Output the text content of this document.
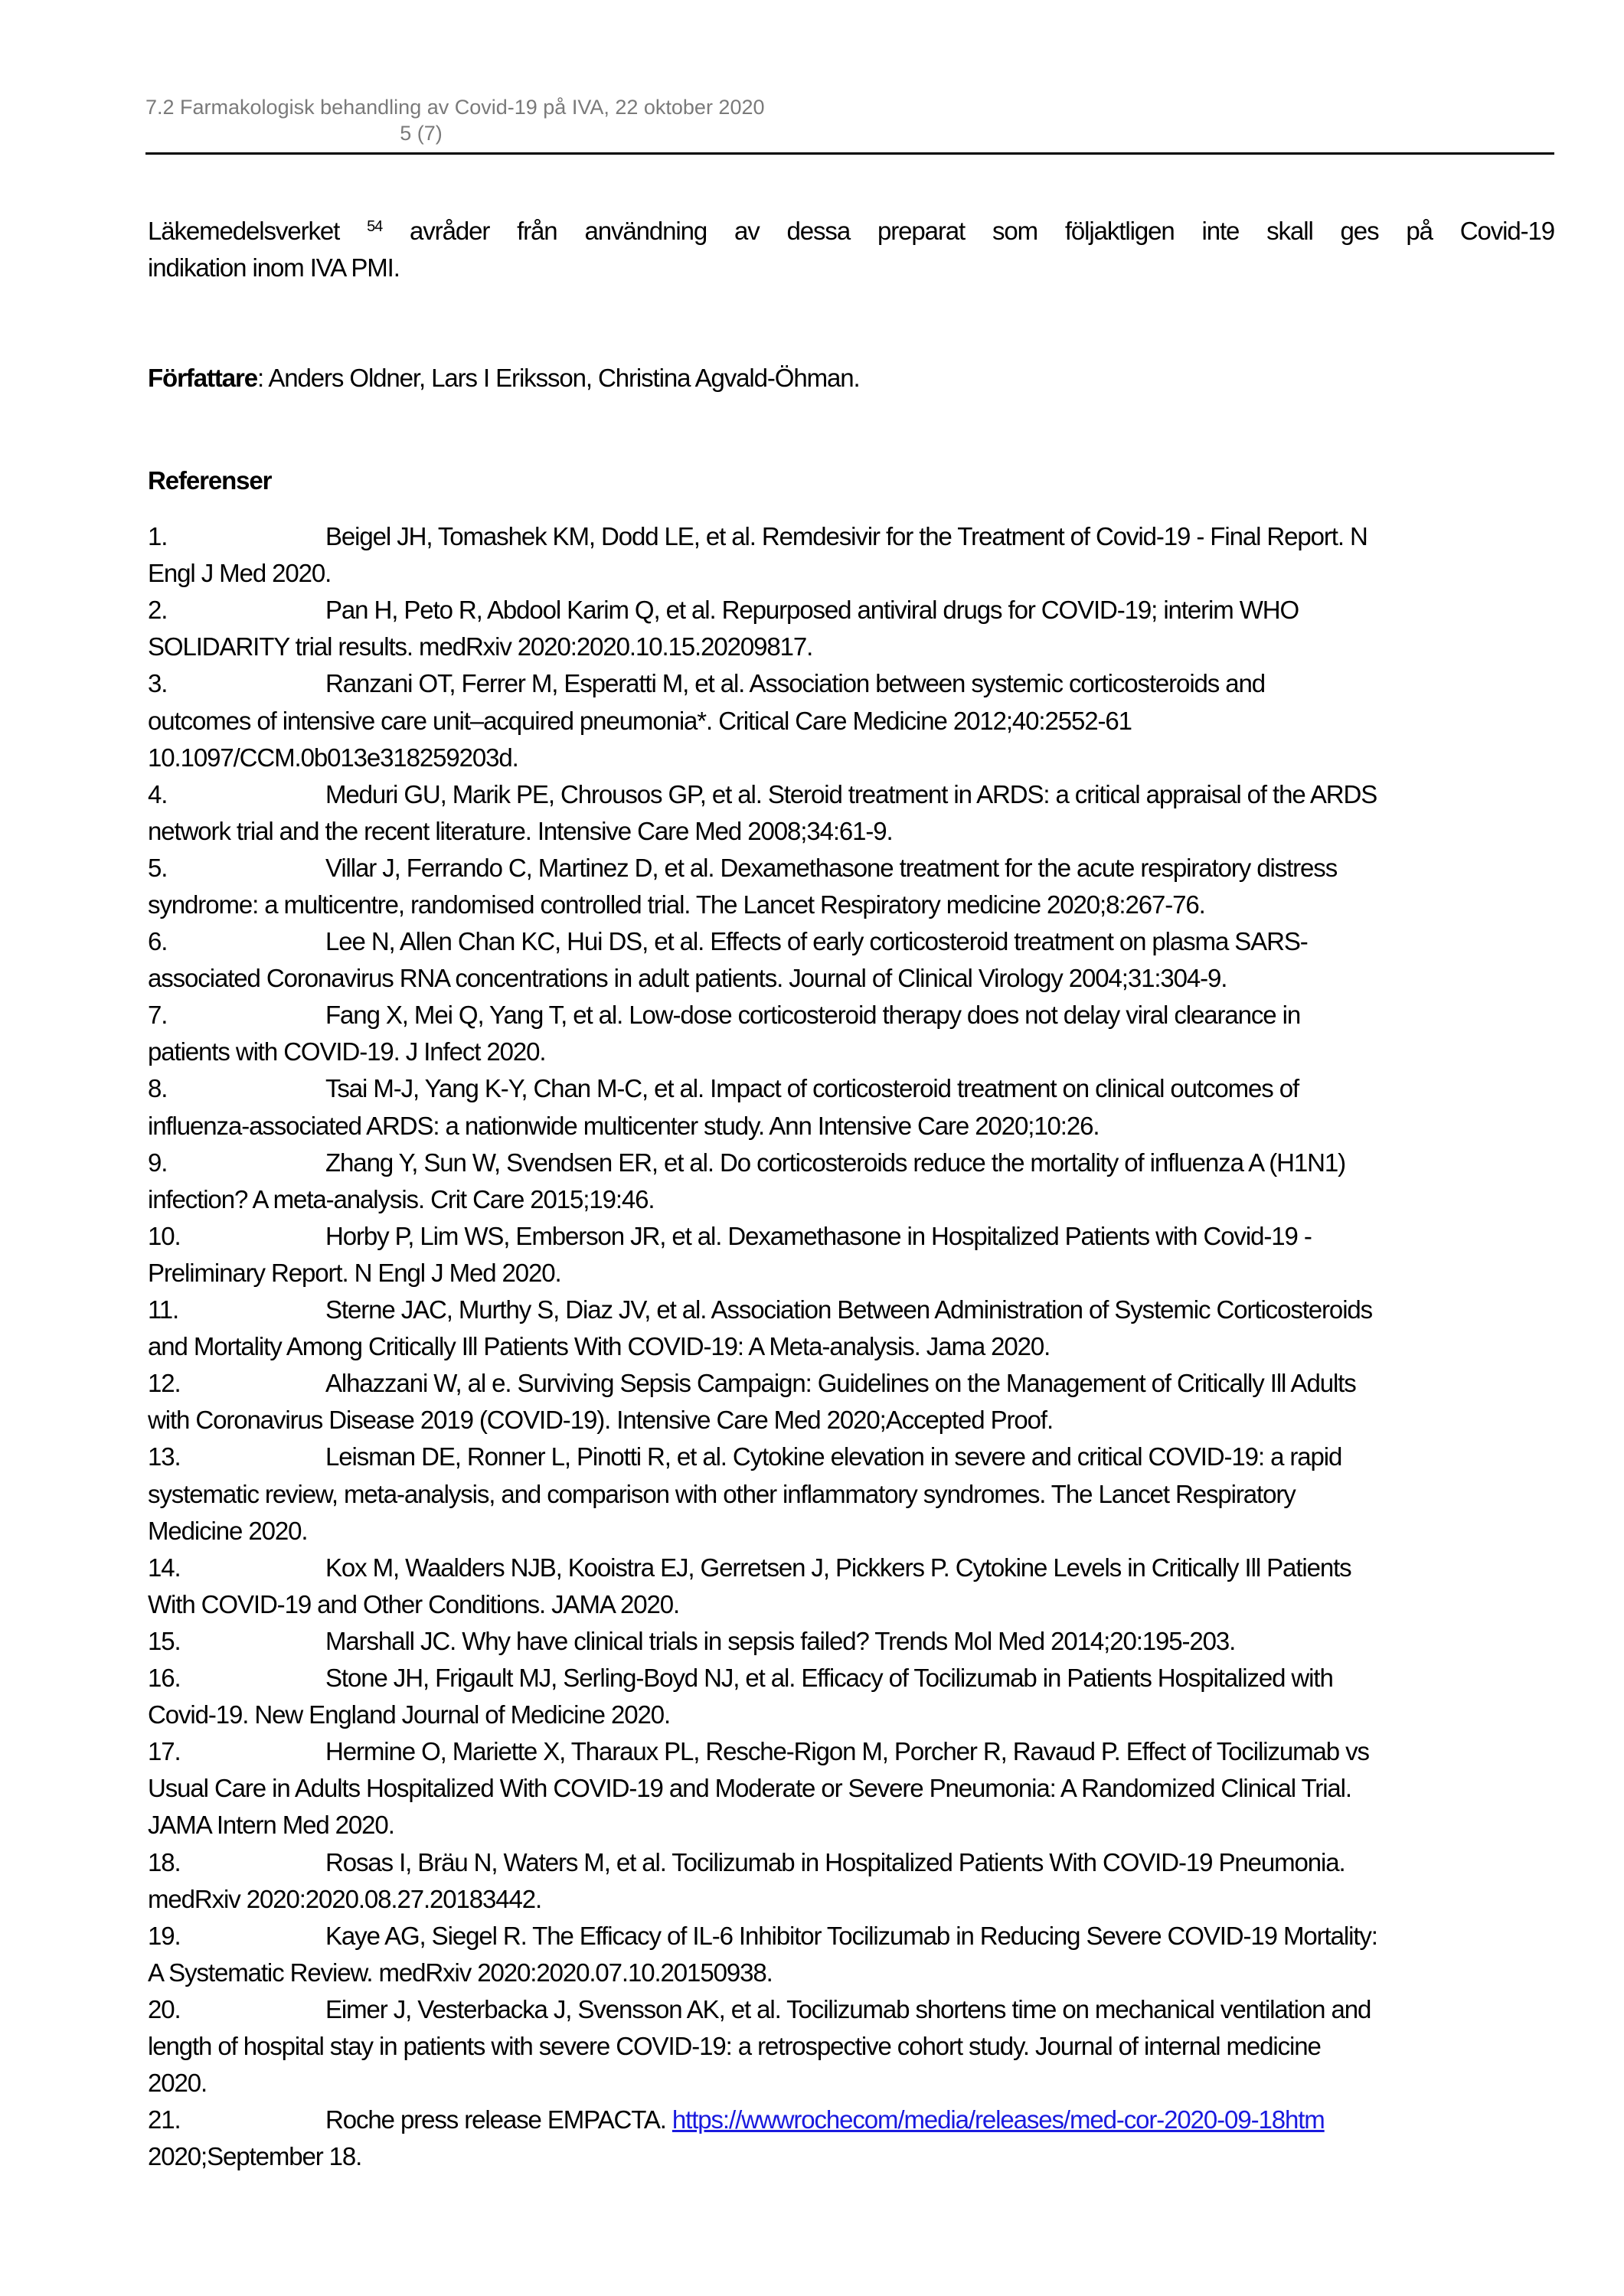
7.2 Farmakologisk behandling av Covid-19 på IVA, 22 oktober 2020
5 (7)
Läkemedelsverket $^{54}$ avråder från användning av dessa preparat som följaktligen inte skall ges på Covid-19
indikation inom IVA PMI.
Författare: Anders Oldner, Lars I Eriksson, Christina Agvald-Öhman.
Referenser
1.	Beigel JH, Tomashek KM, Dodd LE, et al. Remdesivir for the Treatment of Covid-19 - Final Report. N
Engl J Med 2020.
2.	Pan H, Peto R, Abdool Karim Q, et al. Repurposed antiviral drugs for COVID-19; interim WHO
SOLIDARITY trial results. medRxiv 2020:2020.10.15.20209817.
3.	Ranzani OT, Ferrer M, Esperatti M, et al. Association between systemic corticosteroids and
outcomes of intensive care unit–acquired pneumonia*. Critical Care Medicine 2012;40:2552-61
10.1097/CCM.0b013e318259203d.
4.	Meduri GU, Marik PE, Chrousos GP, et al. Steroid treatment in ARDS: a critical appraisal of the ARDS
network trial and the recent literature. Intensive Care Med 2008;34:61-9.
5.	Villar J, Ferrando C, Martinez D, et al. Dexamethasone treatment for the acute respiratory distress
syndrome: a multicentre, randomised controlled trial. The Lancet Respiratory medicine 2020;8:267-76.
6.	Lee N, Allen Chan KC, Hui DS, et al. Effects of early corticosteroid treatment on plasma SARS-
associated Coronavirus RNA concentrations in adult patients. Journal of Clinical Virology 2004;31:304-9.
7.	Fang X, Mei Q, Yang T, et al. Low-dose corticosteroid therapy does not delay viral clearance in
patients with COVID-19. J Infect 2020.
8.	Tsai M-J, Yang K-Y, Chan M-C, et al. Impact of corticosteroid treatment on clinical outcomes of
influenza-associated ARDS: a nationwide multicenter study. Ann Intensive Care 2020;10:26.
9.	Zhang Y, Sun W, Svendsen ER, et al. Do corticosteroids reduce the mortality of influenza A (H1N1)
infection? A meta-analysis. Crit Care 2015;19:46.
10.	Horby P, Lim WS, Emberson JR, et al. Dexamethasone in Hospitalized Patients with Covid-19 -
Preliminary Report. N Engl J Med 2020.
11.	Sterne JAC, Murthy S, Diaz JV, et al. Association Between Administration of Systemic Corticosteroids
and Mortality Among Critically Ill Patients With COVID-19: A Meta-analysis. Jama 2020.
12.	Alhazzani W, al e. Surviving Sepsis Campaign: Guidelines on the Management of Critically Ill Adults
with Coronavirus Disease 2019 (COVID-19). Intensive Care Med 2020;Accepted Proof.
13.	Leisman DE, Ronner L, Pinotti R, et al. Cytokine elevation in severe and critical COVID-19: a rapid
systematic review, meta-analysis, and comparison with other inflammatory syndromes. The Lancet Respiratory
Medicine 2020.
14.	Kox M, Waalders NJB, Kooistra EJ, Gerretsen J, Pickkers P. Cytokine Levels in Critically Ill Patients
With COVID-19 and Other Conditions. JAMA 2020.
15.	Marshall JC. Why have clinical trials in sepsis failed? Trends Mol Med 2014;20:195-203.
16.	Stone JH, Frigault MJ, Serling-Boyd NJ, et al. Efficacy of Tocilizumab in Patients Hospitalized with
Covid-19. New England Journal of Medicine 2020.
17.	Hermine O, Mariette X, Tharaux PL, Resche-Rigon M, Porcher R, Ravaud P. Effect of Tocilizumab vs
Usual Care in Adults Hospitalized With COVID-19 and Moderate or Severe Pneumonia: A Randomized Clinical Trial.
JAMA Intern Med 2020.
18.	Rosas I, Bräu N, Waters M, et al. Tocilizumab in Hospitalized Patients With COVID-19 Pneumonia.
medRxiv 2020:2020.08.27.20183442.
19.	Kaye AG, Siegel R. The Efficacy of IL-6 Inhibitor Tocilizumab in Reducing Severe COVID-19 Mortality:
A Systematic Review. medRxiv 2020:2020.07.10.20150938.
20.	Eimer J, Vesterbacka J, Svensson AK, et al. Tocilizumab shortens time on mechanical ventilation and
length of hospital stay in patients with severe COVID-19: a retrospective cohort study. Journal of internal medicine
2020.
21.	Roche press release EMPACTA. https://wwwrochecom/media/releases/med-cor-2020-09-18htm
2020;September 18.
